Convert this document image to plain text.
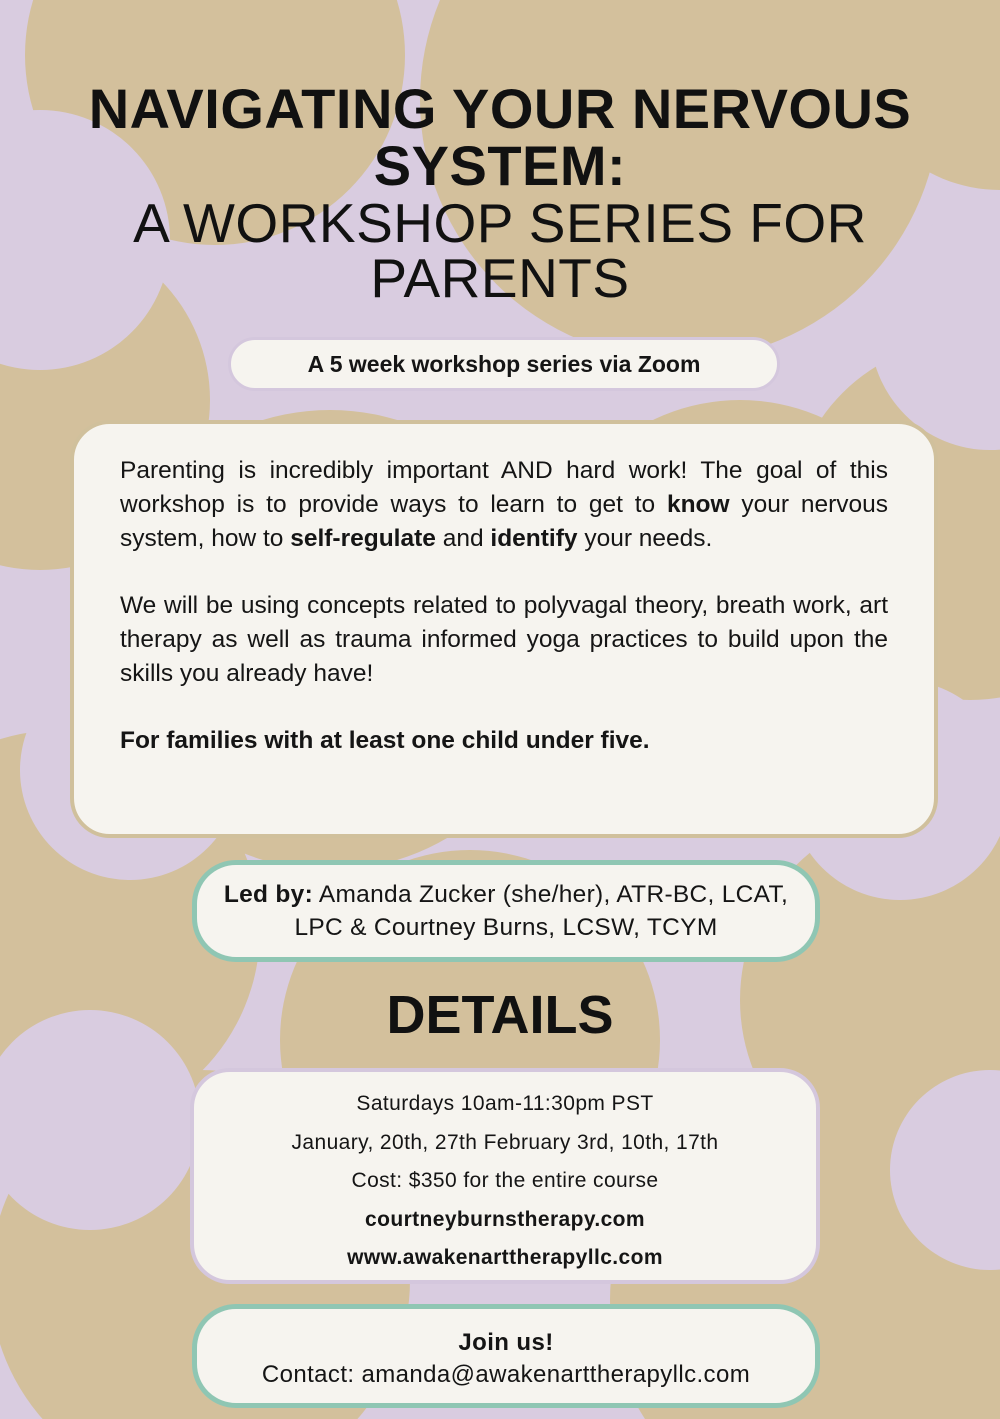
NAVIGATING YOUR NERVOUS
SYSTEM:
A WORKSHOP SERIES FOR
PARENTS
A 5 week workshop series via Zoom

Parenting is incredibly important AND hard work! The goal of this workshop is to provide ways to learn to get to know your nervous system, how to self-regulate and identify your needs.

We will be using concepts related to polyvagal theory, breath work, art therapy as well as trauma informed yoga practices to build upon the skills you already have!

For families with at least one child under five.

Led by: Amanda Zucker (she/her), ATR-BC, LCAT, LPC & Courtney Burns, LCSW, TCYM
DETAILS
Saturdays 10am-11:30pm PST
January, 20th, 27th February 3rd, 10th, 17th
Cost: $350 for the entire course
courtneyburnstherapy.com
www.awakenarttherapyllc.com
Join us!
Contact: amanda@awakenarttherapyllc.com
